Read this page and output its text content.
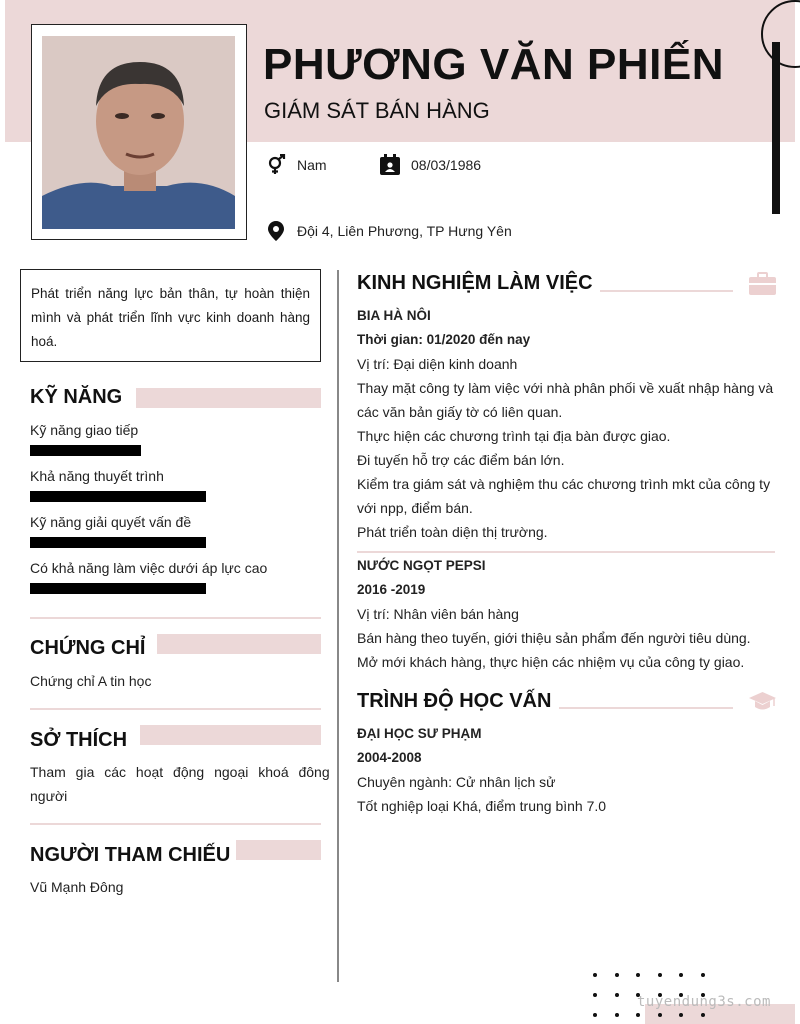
PHƯƠNG VĂN PHIẾN
GIÁM SÁT BÁN HÀNG
Nam	08/03/1986
Đội 4, Liên Phương, TP Hưng Yên
Phát triển năng lực bản thân, tự hoàn thiện mình và phát triển lĩnh vực kinh doanh hàng hoá.
KỸ NĂNG
Kỹ năng giao tiếp
Khả năng thuyết trình
Kỹ năng giải quyết vấn đề
Có khả năng làm việc dưới áp lực cao
CHỨNG CHỈ
Chứng chỉ A tin học
SỞ THÍCH
Tham gia các hoạt động ngoại khoá đông
người
NGƯỜI THAM CHIẾU
Vũ Mạnh Đông
KINH NGHIỆM LÀM VIỆC
BIA HÀ NÔI
Thời gian: 01/2020 đến nay
Vị trí: Đại diện kinh doanh
Thay mặt công ty làm việc với nhà phân phối về xuất nhập hàng và
các văn bản giấy tờ có liên quan.
Thực hiện các chương trình tại địa bàn được giao.
Đi tuyến hỗ trợ các điểm bán lớn.
Kiểm tra giám sát và nghiệm thu các chương trình mkt của công ty
với npp, điểm bán.
Phát triển toàn diện thị trường.
NƯỚC NGỌT PEPSI
2016 -2019
Vị trí: Nhân viên bán hàng
Bán hàng theo tuyến, giới thiệu sản phẩm đến người tiêu dùng.
Mở mới khách hàng, thực hiện các nhiệm vụ của công ty giao.
TRÌNH ĐỘ HỌC VẤN
ĐẠI HỌC SƯ PHẠM
2004-2008
Chuyên ngành: Cử nhân lịch sử
Tốt nghiệp loại Khá, điểm trung bình 7.0
tuyendung3s.com
